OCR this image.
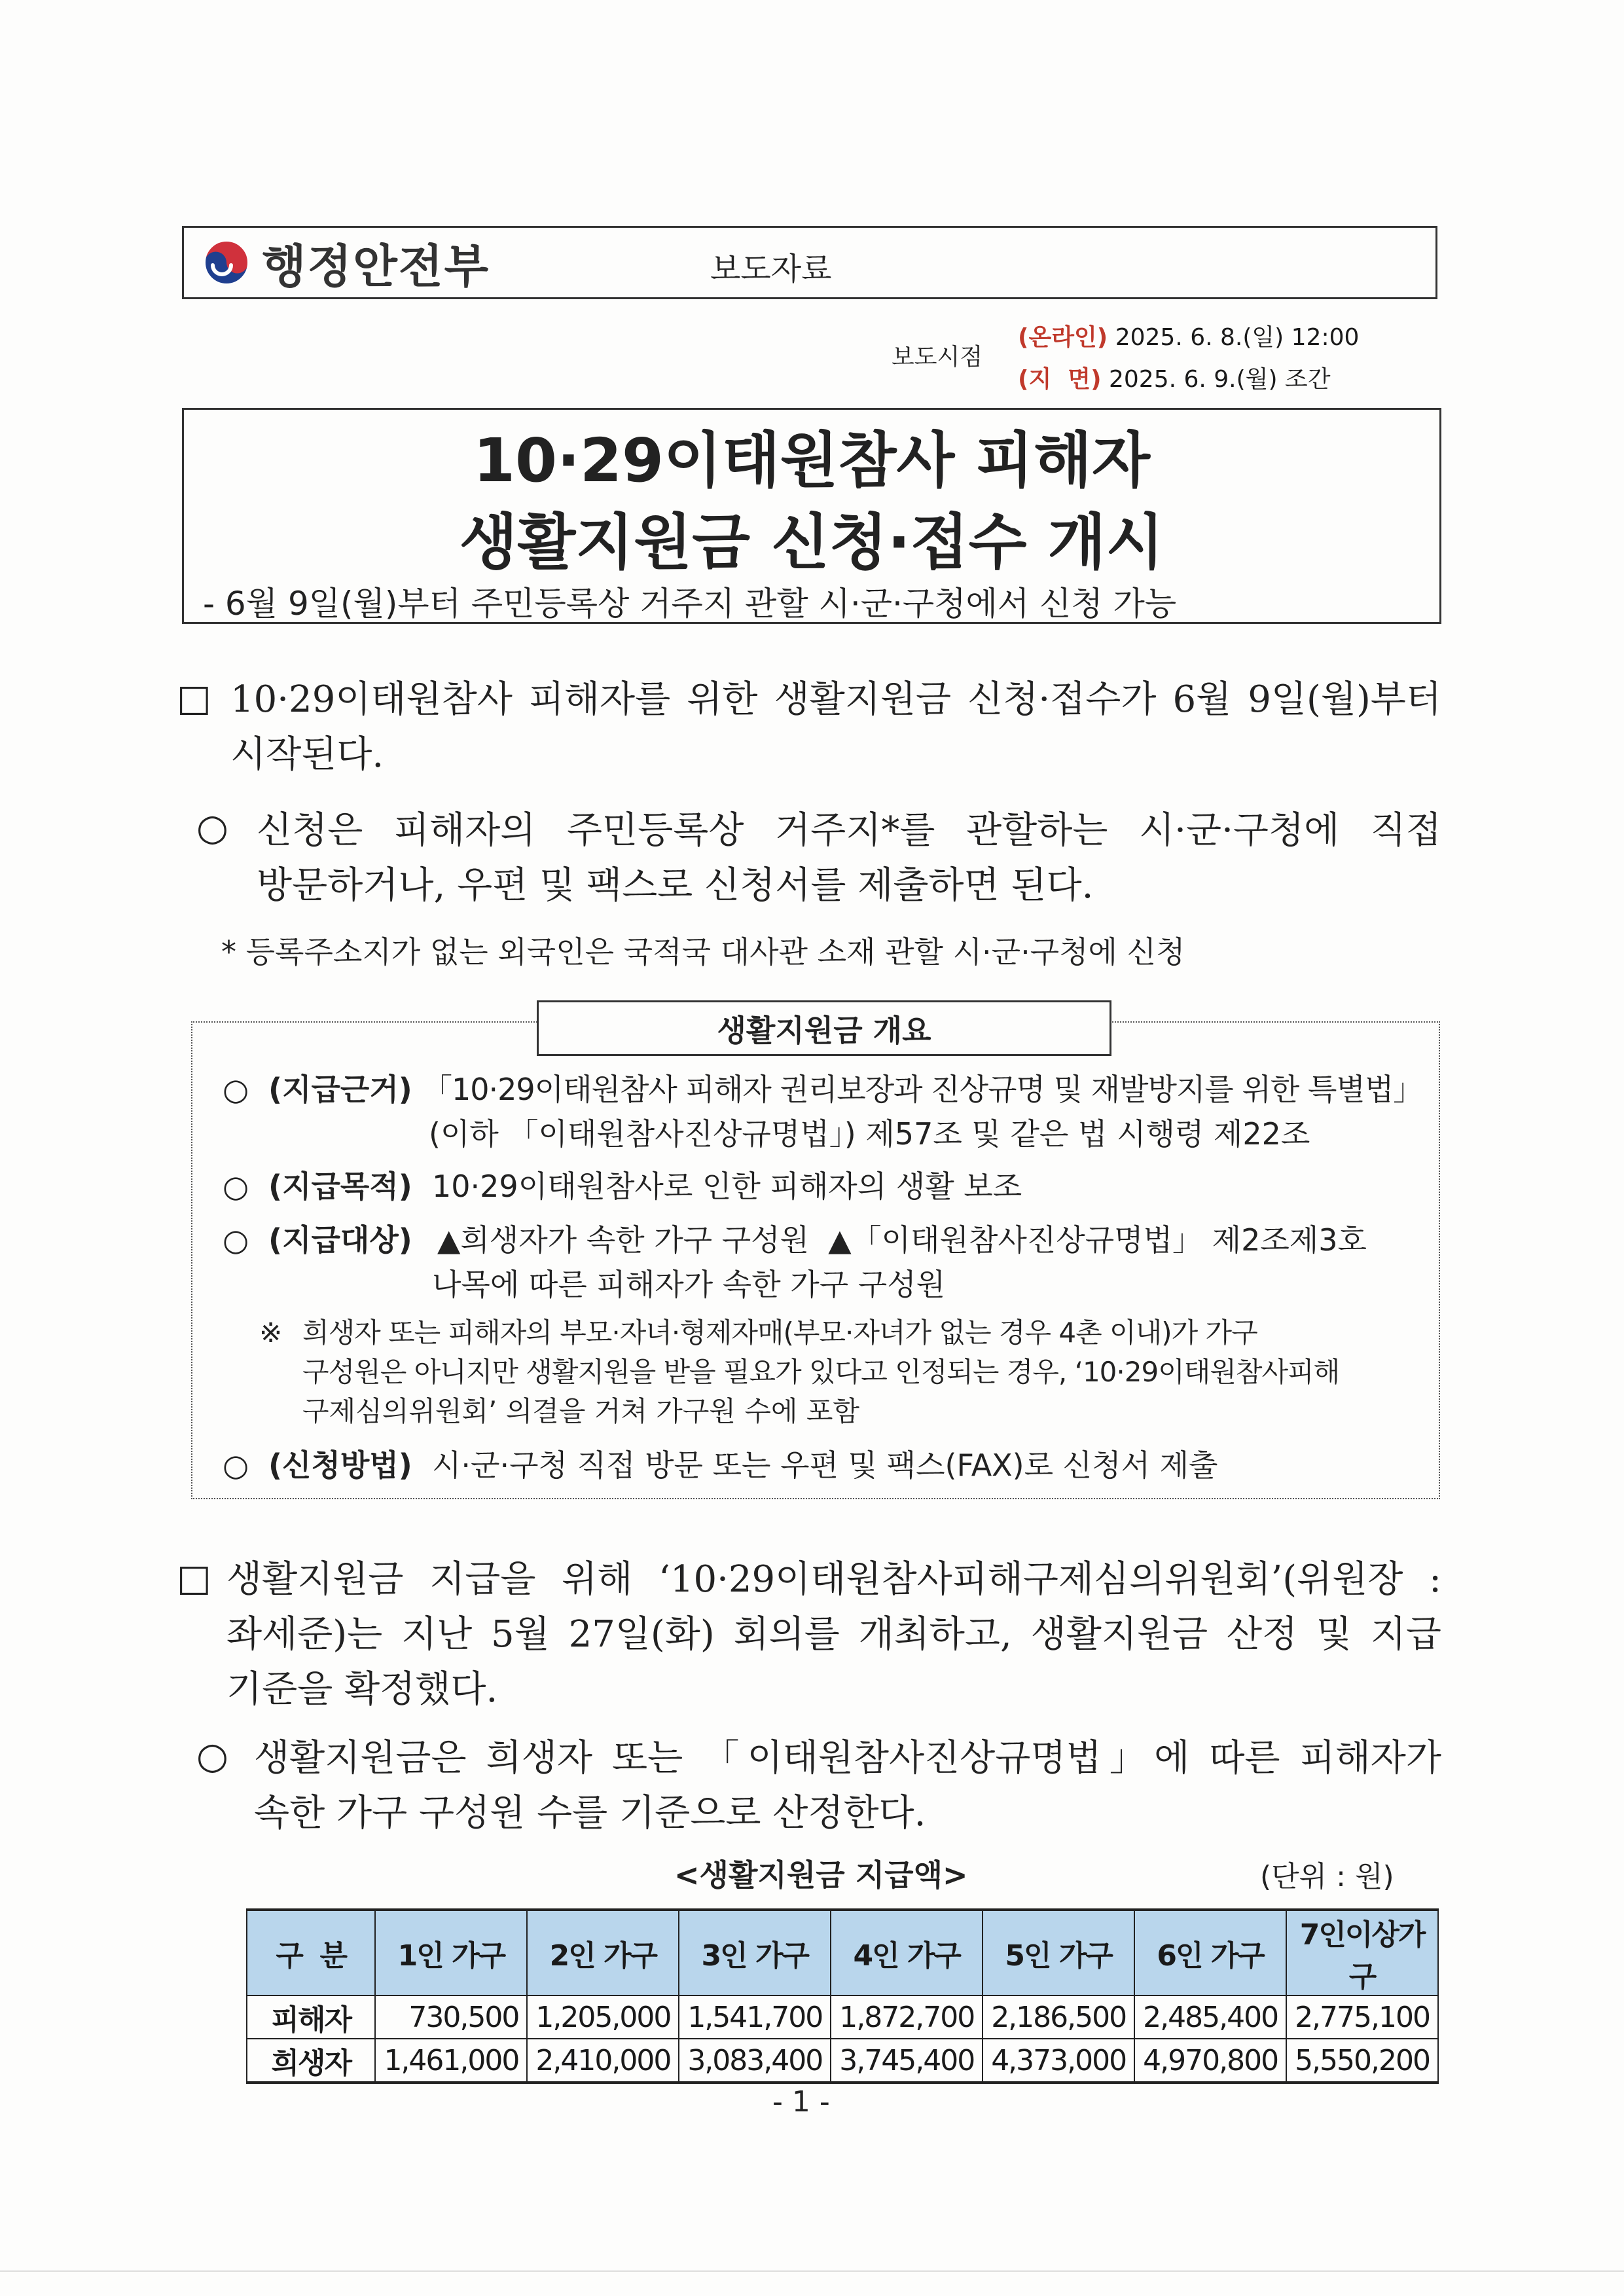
행정안전부	보도자료
보도시점
(온라인) 2025. 6. 8.(일) 12:00
(지  면) 2025. 6. 9.(월) 조간
10·29이태원참사 피해자
생활지원금 신청·접수 개시
- 6월 9일(월)부터 주민등록상 거주지 관할 시·군·구청에서 신청 가능
□ 10·29이태원참사 피해자를 위한 생활지원금 신청·접수가 6월 9일(월)부터
시작된다.
○ 신청은 피해자의 주민등록상 거주지*를 관할하는 시·군·구청에 직접
방문하거나, 우편 및 팩스로 신청서를 제출하면 된다.
* 등록주소지가 없는 외국인은 국적국 대사관 소재 관할 시·군·구청에 신청
생활지원금 개요
○ (지급근거) 「10·29이태원참사 피해자 권리보장과 진상규명 및 재발방지를 위한 특별법」
(이하 「이태원참사진상규명법」) 제57조 및 같은 법 시행령 제22조
○ (지급목적) 10·29이태원참사로 인한 피해자의 생활 보조
○ (지급대상) ▲희생자가 속한 가구 구성원  ▲「이태원참사진상규명법」 제2조제3호
나목에 따른 피해자가 속한 가구 구성원
※ 희생자 또는 피해자의 부모·자녀·형제자매(부모·자녀가 없는 경우 4촌 이내)가 가구
구성원은 아니지만 생활지원을 받을 필요가 있다고 인정되는 경우, ‘10·29이태원참사피해
구제심의위원회’ 의결을 거쳐 가구원 수에 포함
○ (신청방법) 시·군·구청 직접 방문 또는 우편 및 팩스(FAX)로 신청서 제출
□ 생활지원금 지급을 위해 ‘10·29이태원참사피해구제심의위원회’(위원장 :
좌세준)는 지난 5월 27일(화) 회의를 개최하고, 생활지원금 산정 및 지급
기준을 확정했다.
○ 생활지원금은 희생자 또는 「이태원참사진상규명법」에 따른 피해자가
속한 가구 구성원 수를 기준으로 산정한다.
<생활지원금 지급액>	(단위 : 원)
구  분	1인 가구	2인 가구	3인 가구	4인 가구	5인 가구	6인 가구	7인이상가구
피해자	730,500	1,205,000	1,541,700	1,872,700	2,186,500	2,485,400	2,775,100
희생자	1,461,000	2,410,000	3,083,400	3,745,400	4,373,000	4,970,800	5,550,200
- 1 -
